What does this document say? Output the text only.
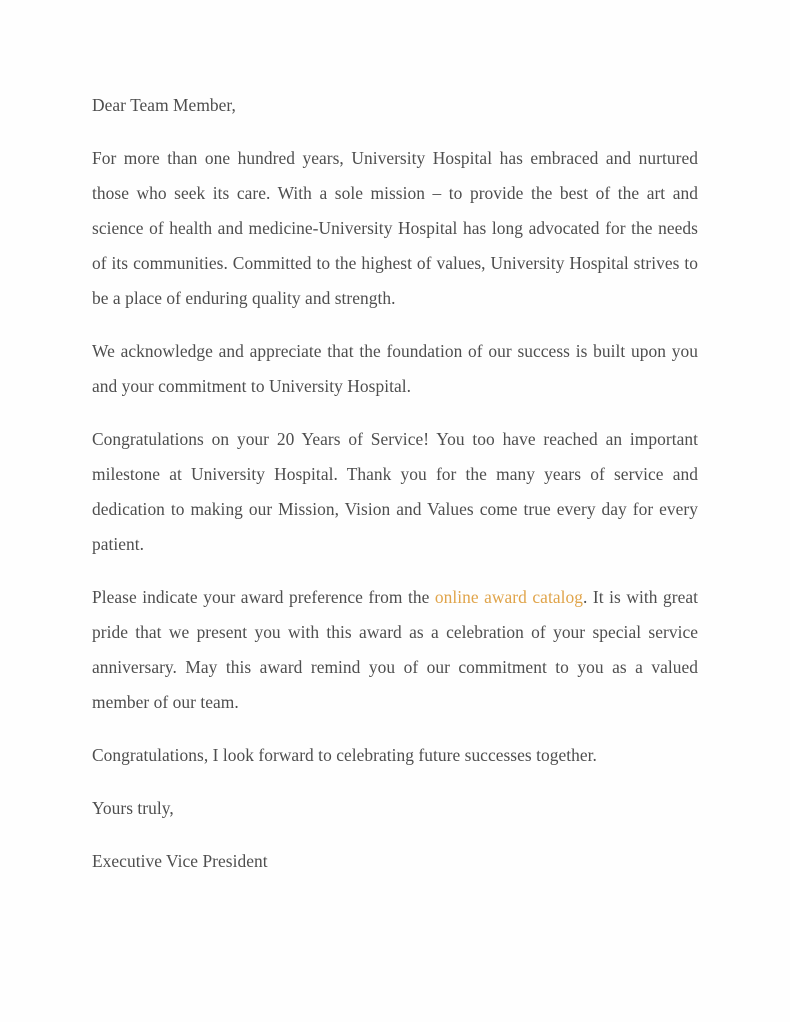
Dear Team Member,

For more than one hundred years, University Hospital has embraced and nurtured those who seek its care. With a sole mission – to provide the best of the art and science of health and medicine-University Hospital has long advocated for the needs of its communities. Committed to the highest of values, University Hospital strives to be a place of enduring quality and strength.

We acknowledge and appreciate that the foundation of our success is built upon you and your commitment to University Hospital.

Congratulations on your 20 Years of Service! You too have reached an important milestone at University Hospital. Thank you for the many years of service and dedication to making our Mission, Vision and Values come true every day for every patient.

Please indicate your award preference from the online award catalog. It is with great pride that we present you with this award as a celebration of your special service anniversary. May this award remind you of our commitment to you as a valued member of our team.

Congratulations, I look forward to celebrating future successes together.

Yours truly,

Executive Vice President
